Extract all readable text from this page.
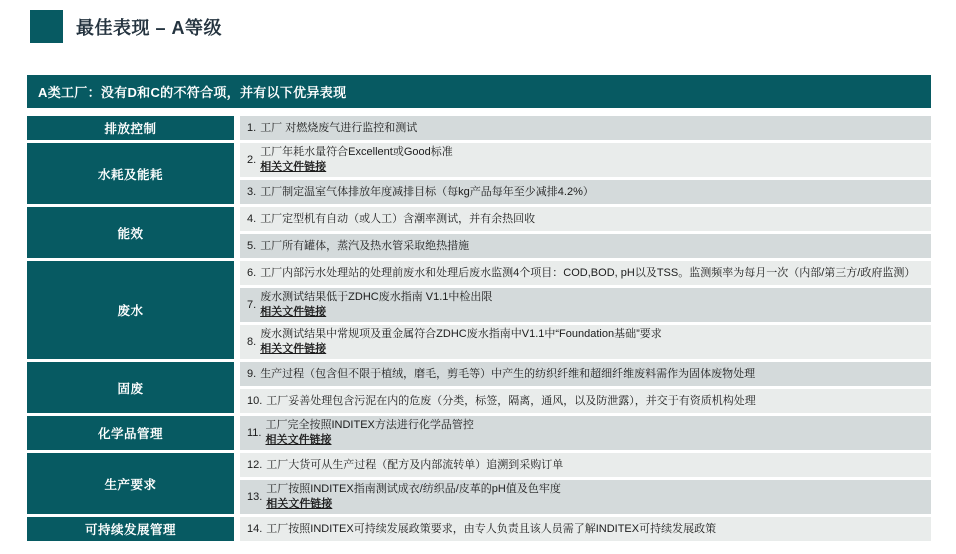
最佳表现 – A等级
A类工厂：没有D和C的不符合项，并有以下优异表现
排放控制	1. 工厂 对燃烧废气进行监控和测试
水耗及能耗
2.
工厂年耗水量符合Excellent或Good标准
相关文件链接
3. 工厂制定温室气体排放年度减排目标（每kg产品每年至少减排4.2%）
能效
4. 工厂定型机有自动（或人工）含潮率测试，并有余热回收
5. 工厂所有罐体，蒸汽及热水管采取绝热措施
废水
6. 工厂内部污水处理站的处理前废水和处理后废水监测4个项目：COD,BOD, pH以及TSS。监测频率为每月一次（内部/第三方/政府监测）
7.
废水测试结果低于ZDHC废水指南 V1.1中检出限
相关文件链接
8.
废水测试结果中常规项及重金属符合ZDHC废水指南中V1.1中“Foundation基础”要求
相关文件链接
固废
9. 生产过程（包含但不限于植绒，磨毛，剪毛等）中产生的纺织纤维和超细纤维废料需作为固体废物处理
10. 工厂妥善处理包含污泥在内的危废（分类，标签，隔离，通风，以及防泄露），并交于有资质机构处理
化学品管理	11.
工厂完全按照INDITEX方法进行化学品管控
相关文件链接
生产要求
12. 工厂大货可从生产过程（配方及内部流转单）追溯到采购订单
13.
工厂按照INDITEX指南测试成衣/纺织品/皮革的pH值及色牢度
相关文件链接
可持续发展管理	14. 工厂按照INDITEX可持续发展政策要求，由专人负责且该人员需了解INDITEX可持续发展政策
